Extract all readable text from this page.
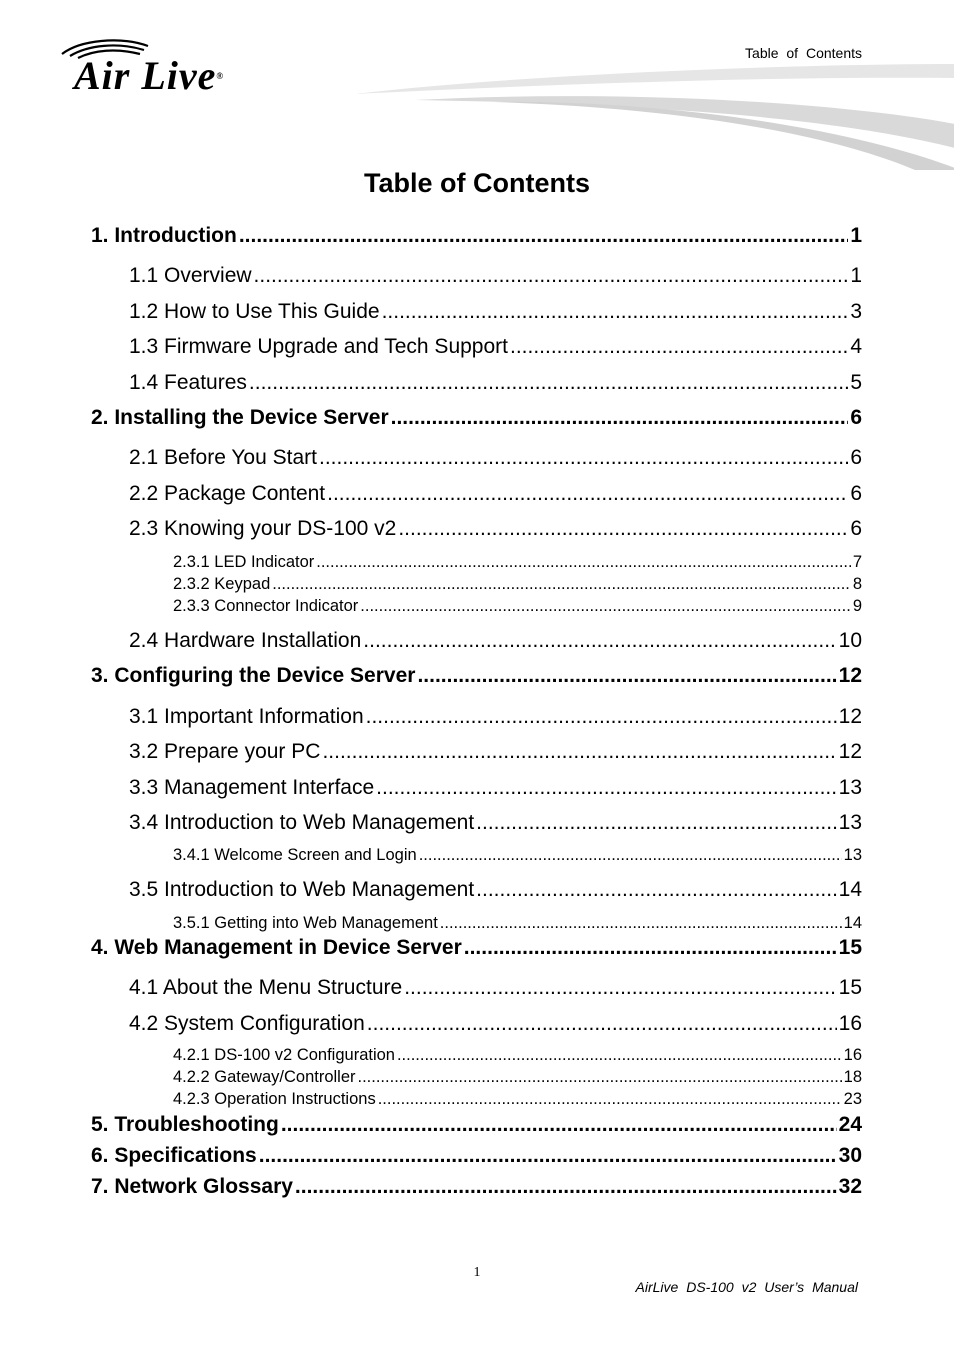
Air Live®
Table of Contents
Table of Contents
1. Introduction .....	1
1.1 Overview .....	1
1.2 How to Use This Guide .....	3
1.3 Firmware Upgrade and Tech Support .....	4
1.4 Features .....	5
2. Installing the Device Server .....	6
2.1 Before You Start .....	6
2.2 Package Content .....	6
2.3 Knowing your DS-100 v2 .....	6
2.3.1 LED Indicator .....	7
2.3.2 Keypad .....	8
2.3.3 Connector Indicator .....	9
2.4 Hardware Installation .....	10
3. Configuring the Device Server .....	12
3.1 Important Information .....	12
3.2 Prepare your PC .....	12
3.3 Management Interface .....	13
3.4 Introduction to Web Management .....	13
3.4.1 Welcome Screen and Login .....	13
3.5 Introduction to Web Management .....	14
3.5.1 Getting into Web Management .....	14
4. Web Management in Device Server .....	15
4.1 About the Menu Structure .....	15
4.2 System Configuration .....	16
4.2.1 DS-100 v2 Configuration .....	16
4.2.2 Gateway/Controller .....	18
4.2.3 Operation Instructions .....	23
5. Troubleshooting .....	24
6. Specifications .....	30
7. Network Glossary .....	32
1
AirLive DS-100 v2 User’s Manual
